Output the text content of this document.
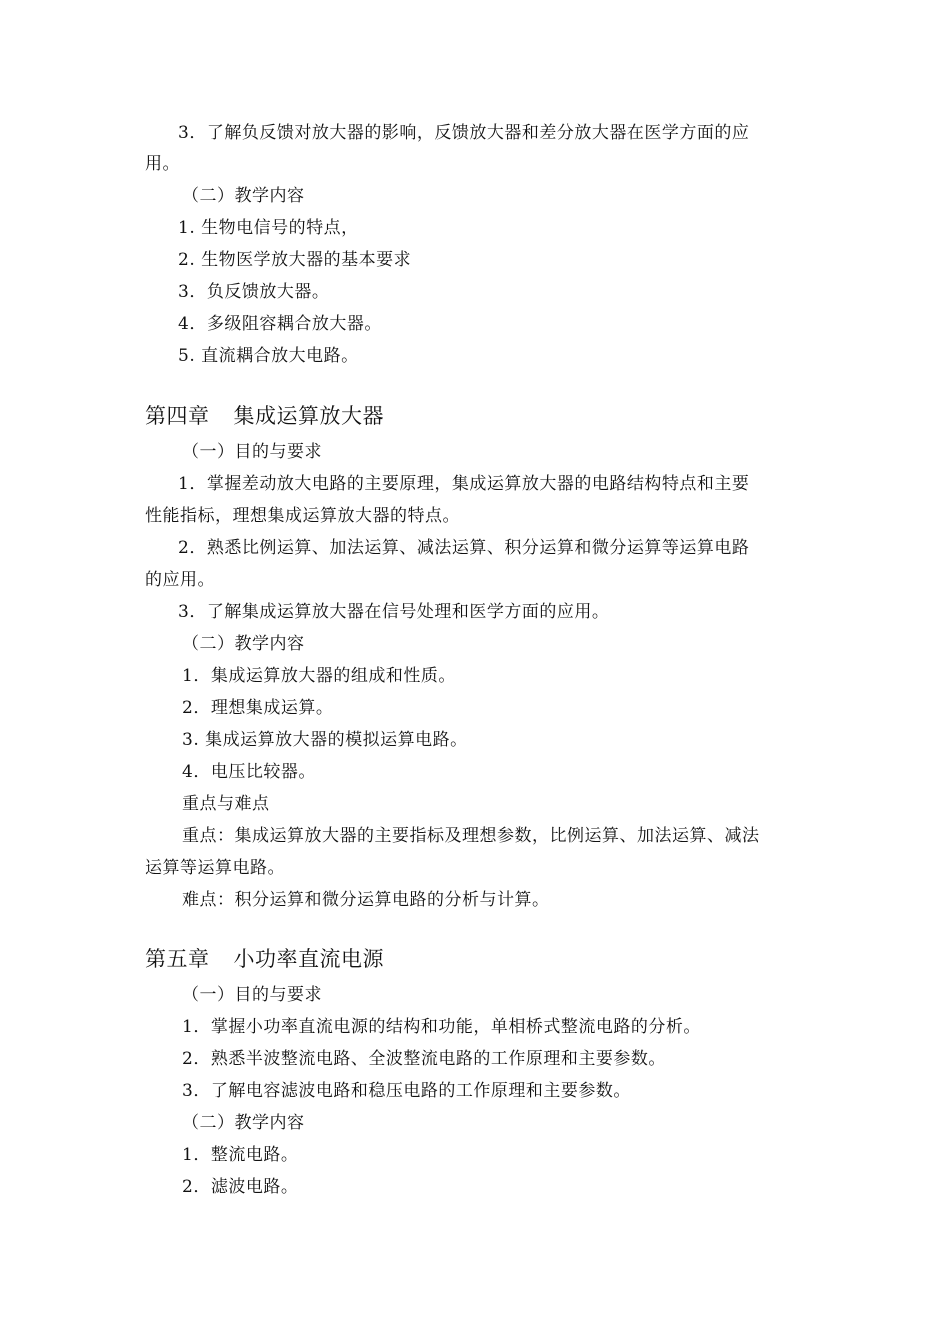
3．了解负反馈对放大器的影响，反馈放大器和差分放大器在医学方面的应
用。
（二）教学内容
1. 生物电信号的特点，
2. 生物医学放大器的基本要求
3．负反馈放大器。
4．多级阻容耦合放大器。
5. 直流耦合放大电路。
第四章 集成运算放大器
（一）目的与要求
1．掌握差动放大电路的主要原理，集成运算放大器的电路结构特点和主要
性能指标，理想集成运算放大器的特点。
2．熟悉比例运算、加法运算、减法运算、积分运算和微分运算等运算电路
的应用。
3．了解集成运算放大器在信号处理和医学方面的应用。
（二）教学内容
1．集成运算放大器的组成和性质。
2．理想集成运算。
3. 集成运算放大器的模拟运算电路。
4．电压比较器。
重点与难点
重点：集成运算放大器的主要指标及理想参数，比例运算、加法运算、减法
运算等运算电路。
难点：积分运算和微分运算电路的分析与计算。
第五章 小功率直流电源
（一）目的与要求
1．掌握小功率直流电源的结构和功能，单相桥式整流电路的分析。
2．熟悉半波整流电路、全波整流电路的工作原理和主要参数。
3．了解电容滤波电路和稳压电路的工作原理和主要参数。
（二）教学内容
1．整流电路。
2．滤波电路。
